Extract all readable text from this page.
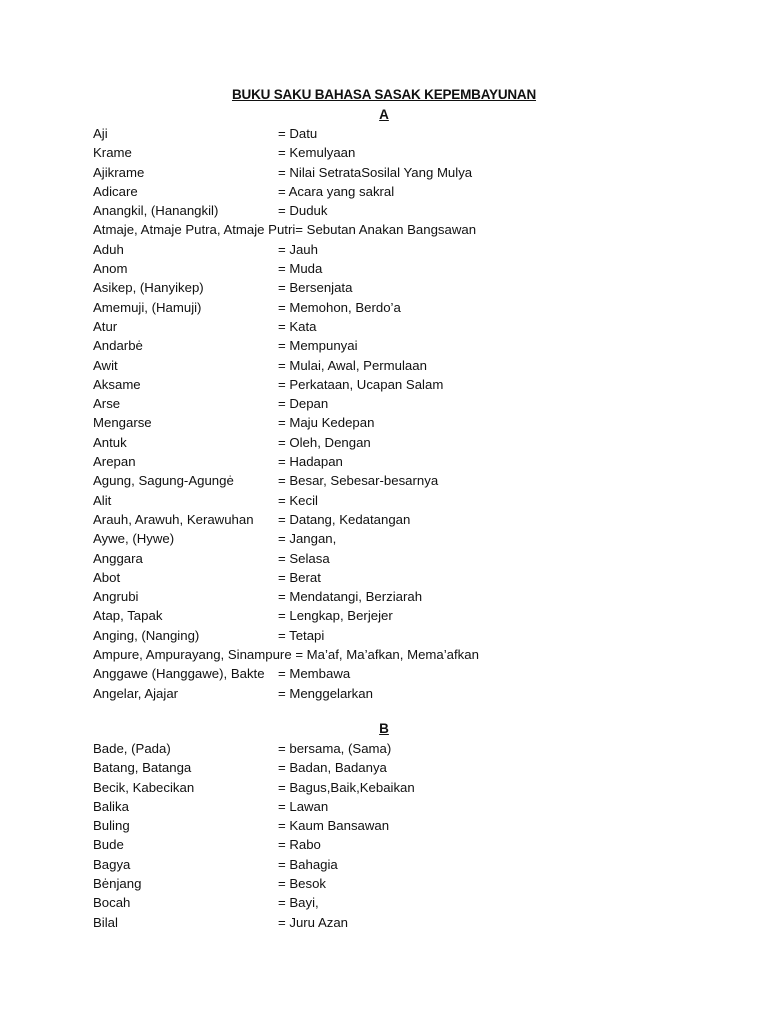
BUKU SAKU BAHASA SASAK KEPEMBAYUNAN
A
Aji	= Datu
Krame	= Kemulyaan
Ajikrame	= Nilai SetrataSosilal Yang Mulya
Adicare	= Acara yang sakral
Anangkil, (Hanangkil)	= Duduk
Atmaje, Atmaje Putra, Atmaje Putri= Sebutan Anakan Bangsawan
Aduh	= Jauh
Anom	= Muda
Asikep, (Hanyikep)	= Bersenjata
Amemuji, (Hamuji)	= Memohon, Berdo’a
Atur	= Kata
Andarbė	= Mempunyai
Awit	= Mulai, Awal, Permulaan
Aksame	= Perkataan, Ucapan Salam
Arse	= Depan
Mengarse	= Maju Kedepan
Antuk	= Oleh, Dengan
Arepan	= Hadapan
Agung, Sagung-Agungė	= Besar, Sebesar-besarnya
Alit	= Kecil
Arauh, Arawuh, Kerawuhan = Datang, Kedatangan
Aywe, (Hywe)	= Jangan,
Anggara	= Selasa
Abot	= Berat
Angrubi	= Mendatangi, Berziarah
Atap, Tapak	= Lengkap, Berjejer
Anging, (Nanging)	= Tetapi
Ampure, Ampurayang, Sinampure = Ma’af, Ma’afkan, Mema’afkan
Anggawe (Hanggawe), Bakte = Membawa
Angelar, Ajajar	= Menggelarkan
B
Bade, (Pada)	= bersama, (Sama)
Batang, Batanga	= Badan, Badanya
Becik, Kabecikan	= Bagus,Baik,Kebaikan
Balika	= Lawan
Buling	= Kaum Bansawan
Bude	= Rabo
Bagya	= Bahagia
Bėnjang	= Besok
Bocah	= Bayi,
Bilal	= Juru Azan
